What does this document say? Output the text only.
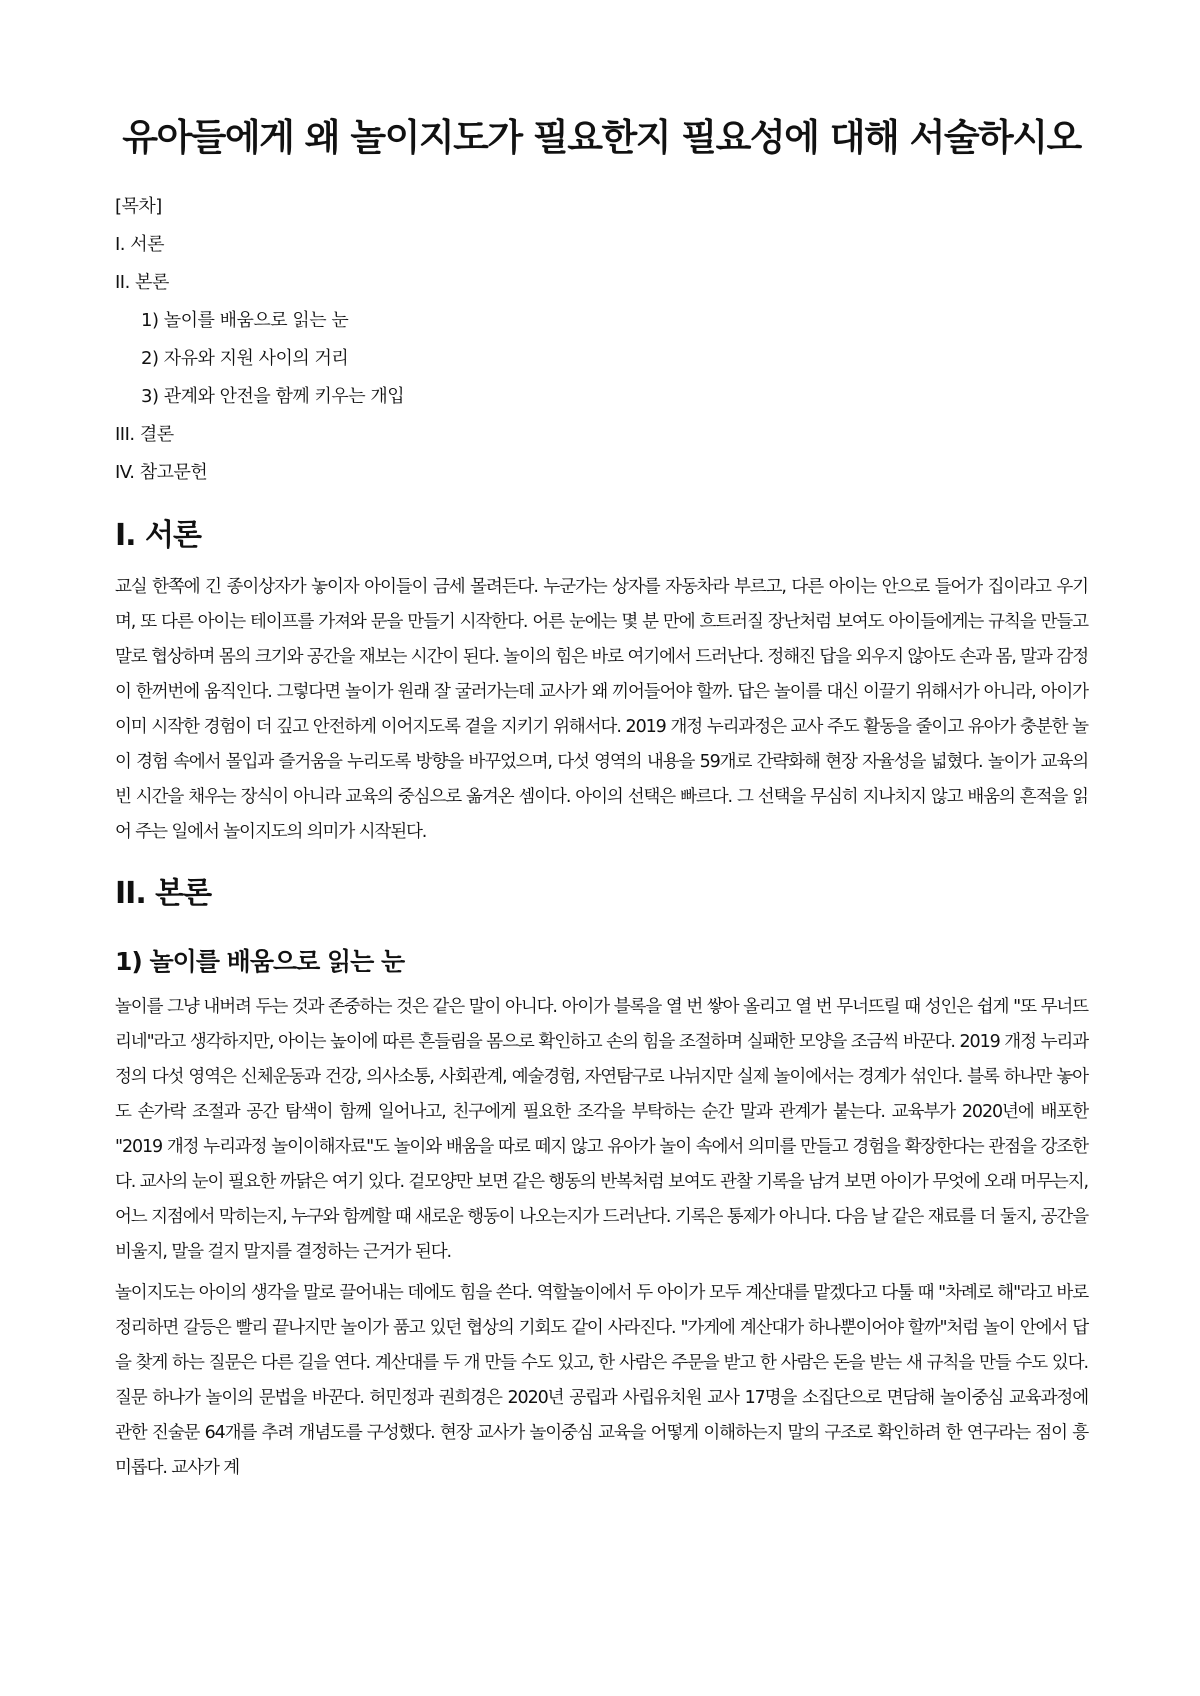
유아들에게 왜 놀이지도가 필요한지 필요성에 대해 서술하시오
[목차]
I. 서론
II. 본론
1) 놀이를 배움으로 읽는 눈
2) 자유와 지원 사이의 거리
3) 관계와 안전을 함께 키우는 개입
III. 결론
IV. 참고문헌
I. 서론

교실 한쪽에 긴 종이상자가 놓이자 아이들이 금세 몰려든다. 누군가는 상자를 자동차라 부르고, 다른 아이는 안으로 들어가 집이라고 우기며, 또 다른 아이는 테이프를 가져와 문을 만들기 시작한다. 어른 눈에는 몇 분 만에 흐트러질 장난처럼 보여도 아이들에게는 규칙을 만들고 말로 협상하며 몸의 크기와 공간을 재보는 시간이 된다. 놀이의 힘은 바로 여기에서 드러난다. 정해진 답을 외우지 않아도 손과 몸, 말과 감정이 한꺼번에 움직인다. 그렇다면 놀이가 원래 잘 굴러가는데 교사가 왜 끼어들어야 할까. 답은 놀이를 대신 이끌기 위해서가 아니라, 아이가 이미 시작한 경험이 더 깊고 안전하게 이어지도록 곁을 지키기 위해서다. 2019 개정 누리과정은 교사 주도 활동을 줄이고 유아가 충분한 놀이 경험 속에서 몰입과 즐거움을 누리도록 방향을 바꾸었으며, 다섯 영역의 내용을 59개로 간략화해 현장 자율성을 넓혔다. 놀이가 교육의 빈 시간을 채우는 장식이 아니라 교육의 중심으로 옮겨온 셈이다. 아이의 선택은 빠르다. 그 선택을 무심히 지나치지 않고 배움의 흔적을 읽어 주는 일에서 놀이지도의 의미가 시작된다.

II. 본론
1) 놀이를 배움으로 읽는 눈

놀이를 그냥 내버려 두는 것과 존중하는 것은 같은 말이 아니다. 아이가 블록을 열 번 쌓아 올리고 열 번 무너뜨릴 때 성인은 쉽게 "또 무너뜨리네"라고 생각하지만, 아이는 높이에 따른 흔들림을 몸으로 확인하고 손의 힘을 조절하며 실패한 모양을 조금씩 바꾼다. 2019 개정 누리과정의 다섯 영역은 신체운동과 건강, 의사소통, 사회관계, 예술경험, 자연탐구로 나뉘지만 실제 놀이에서는 경계가 섞인다. 블록 하나만 놓아도 손가락 조절과 공간 탐색이 함께 일어나고, 친구에게 필요한 조각을 부탁하는 순간 말과 관계가 붙는다. 교육부가 2020년에 배포한 "2019 개정 누리과정 놀이이해자료"도 놀이와 배움을 따로 떼지 않고 유아가 놀이 속에서 의미를 만들고 경험을 확장한다는 관점을 강조한다. 교사의 눈이 필요한 까닭은 여기 있다. 겉모양만 보면 같은 행동의 반복처럼 보여도 관찰 기록을 남겨 보면 아이가 무엇에 오래 머무는지, 어느 지점에서 막히는지, 누구와 함께할 때 새로운 행동이 나오는지가 드러난다. 기록은 통제가 아니다. 다음 날 같은 재료를 더 둘지, 공간을 비울지, 말을 걸지 말지를 결정하는 근거가 된다.

놀이지도는 아이의 생각을 말로 끌어내는 데에도 힘을 쓴다. 역할놀이에서 두 아이가 모두 계산대를 맡겠다고 다툴 때 "차례로 해"라고 바로 정리하면 갈등은 빨리 끝나지만 놀이가 품고 있던 협상의 기회도 같이 사라진다. "가게에 계산대가 하나뿐이어야 할까"처럼 놀이 안에서 답을 찾게 하는 질문은 다른 길을 연다. 계산대를 두 개 만들 수도 있고, 한 사람은 주문을 받고 한 사람은 돈을 받는 새 규칙을 만들 수도 있다. 질문 하나가 놀이의 문법을 바꾼다. 허민정과 권희경은 2020년 공립과 사립유치원 교사 17명을 소집단으로 면담해 놀이중심 교육과정에 관한 진술문 64개를 추려 개념도를 구성했다. 현장 교사가 놀이중심 교육을 어떻게 이해하는지 말의 구조로 확인하려 한 연구라는 점이 흥미롭다. 교사가 계
